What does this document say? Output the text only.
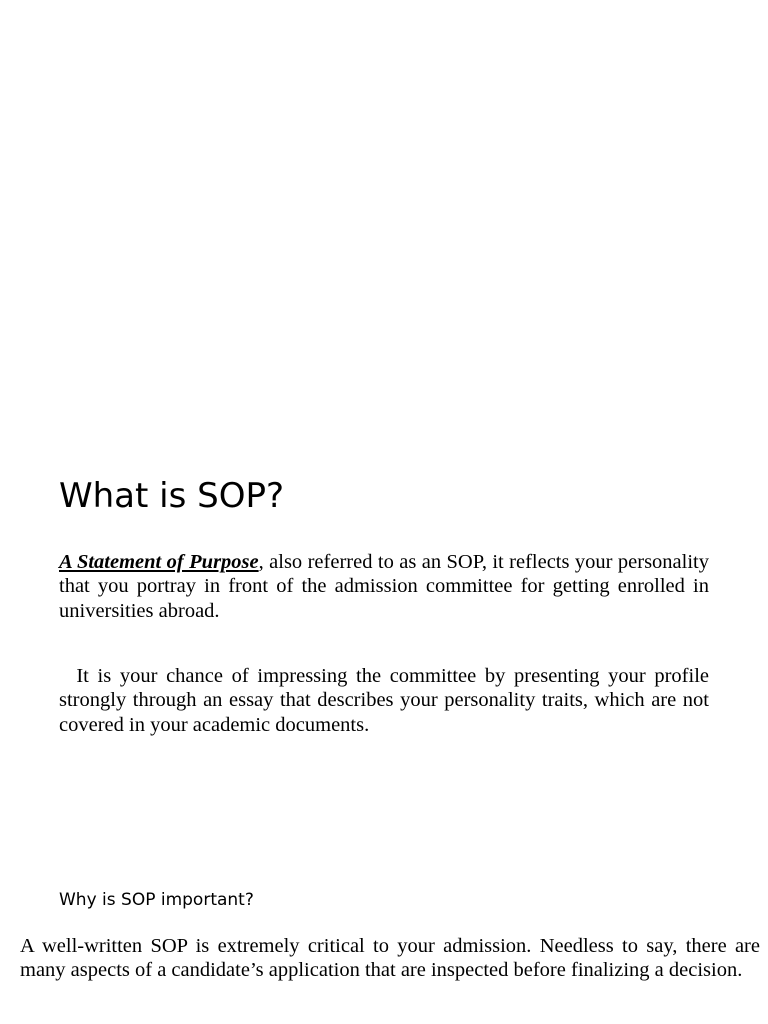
What is SOP?

A Statement of Purpose, also referred to as an SOP, it reflects your personality that you portray in front of the admission committee for getting enrolled in universities abroad.

It is your chance of impressing the committee by presenting your profile strongly through an essay that describes your personality traits, which are not covered in your academic documents.

Why is SOP important?

A well-written SOP is extremely critical to your admission. Needless to say, there are many aspects of a candidate’s application that are inspected before finalizing a decision.
